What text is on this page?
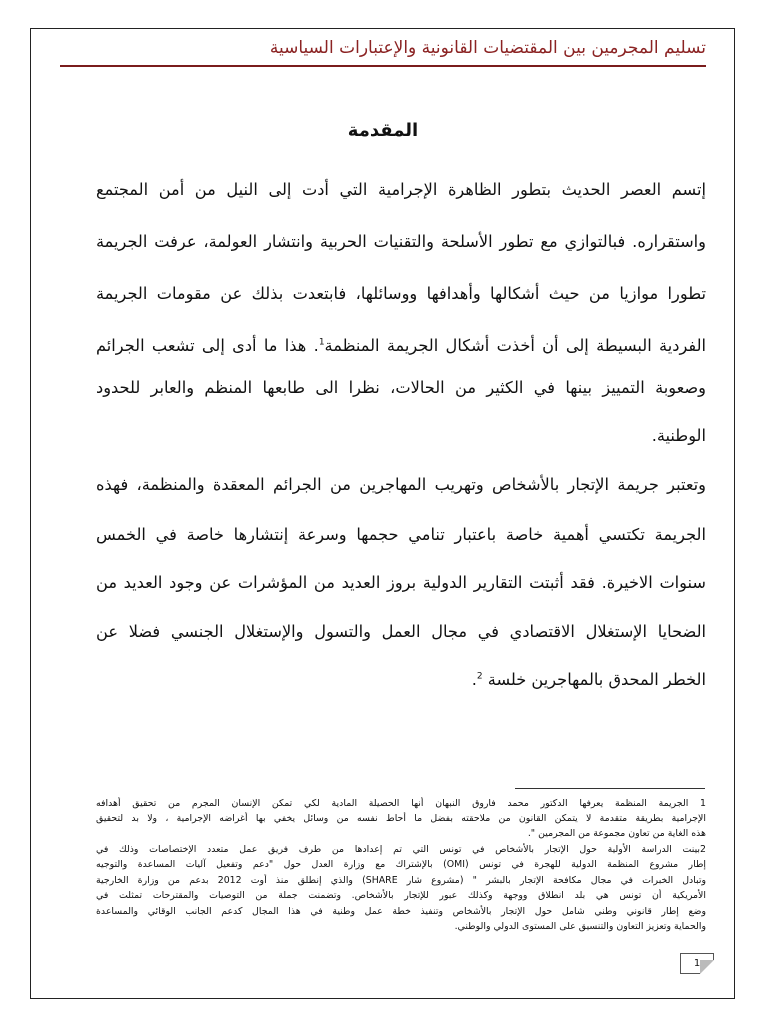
تسليم المجرمين بين المقتضيات القانونية والإعتبارات السياسية
المقدمة
إتسم العصر الحديث بتطور الظاهرة الإجرامية التي أدت إلى النيل من أمن المجتمع
واستقراره. فبالتوازي مع تطور الأسلحة والتقنيات الحربية وانتشار العولمة، عرفت الجريمة
تطورا موازيا من حيث أشكالها وأهدافها ووسائلها، فابتعدت بذلك عن مقومات الجريمة
الفردية البسيطة إلى أن أخذت أشكال الجريمة المنظمة$^1$. هذا ما أدى إلى تشعب الجرائم
وصعوبة التمييز بينها في الكثير من الحالات، نظرا الى طابعها المنظم والعابر للحدود
الوطنية.
وتعتبر جريمة الإتجار بالأشخاص وتهريب المهاجرين من الجرائم المعقدة والمنظمة، فهذه
الجريمة تكتسي أهمية خاصة باعتبار تنامي حجمها وسرعة إنتشارها خاصة في الخمس
سنوات الاخيرة. فقد أثبتت التقارير الدولية بروز العديد من المؤشرات عن وجود العديد من
الضحايا الإستغلال الاقتصادي في مجال العمل والتسول والإستغلال الجنسي فضلا عن
الخطر المحدق بالمهاجرين خلسة $^2$.
1 الجريمة المنظمة يعرفها الدكتور محمد فاروق النبهان أنها الحصيلة المادية لكي تمكن الإنسان المجرم من تحقيق أهدافه
الإجرامية بطريقة متقدمة لا يتمكن القانون من ملاحقته بفضل ما أحاط نفسه من وسائل يخفي بها أغراضه الإجرامية ، ولا بد لتحقيق
هذه الغاية من تعاون مجموعة من المجرمين ".
2بينت الدراسة الأولية حول الإتجار بالأشخاص في تونس التي تم إعدادها من طرف فريق عمل متعدد الإختصاصات وذلك في
إطار مشروع المنظمة الدولية للهجرة في تونس (OMI) بالإشتراك مع وزارة العدل حول "دعم وتفعيل آليات المساعدة والتوجيه
وتبادل الخبرات في مجال مكافحة الإتجار بالبشر " (مشروع شار SHARE) والذي إنطلق منذ أوت 2012 بدعم من وزارة الخارجية
الأمريكية أن تونس هي بلد انطلاق ووجهة وكذلك عبور للإتجار بالأشخاص. وتضمنت جملة من التوصيات والمقترحات تمثلت في
وضع إطار قانوني وطني شامل حول الإتجار بالأشخاص وتنفيذ خطة عمل وطنية في هذا المجال كدعم الجانب الوقائي والمساعدة
والحماية وتعزيز التعاون والتنسيق على المستوى الدولي والوطني.
1
